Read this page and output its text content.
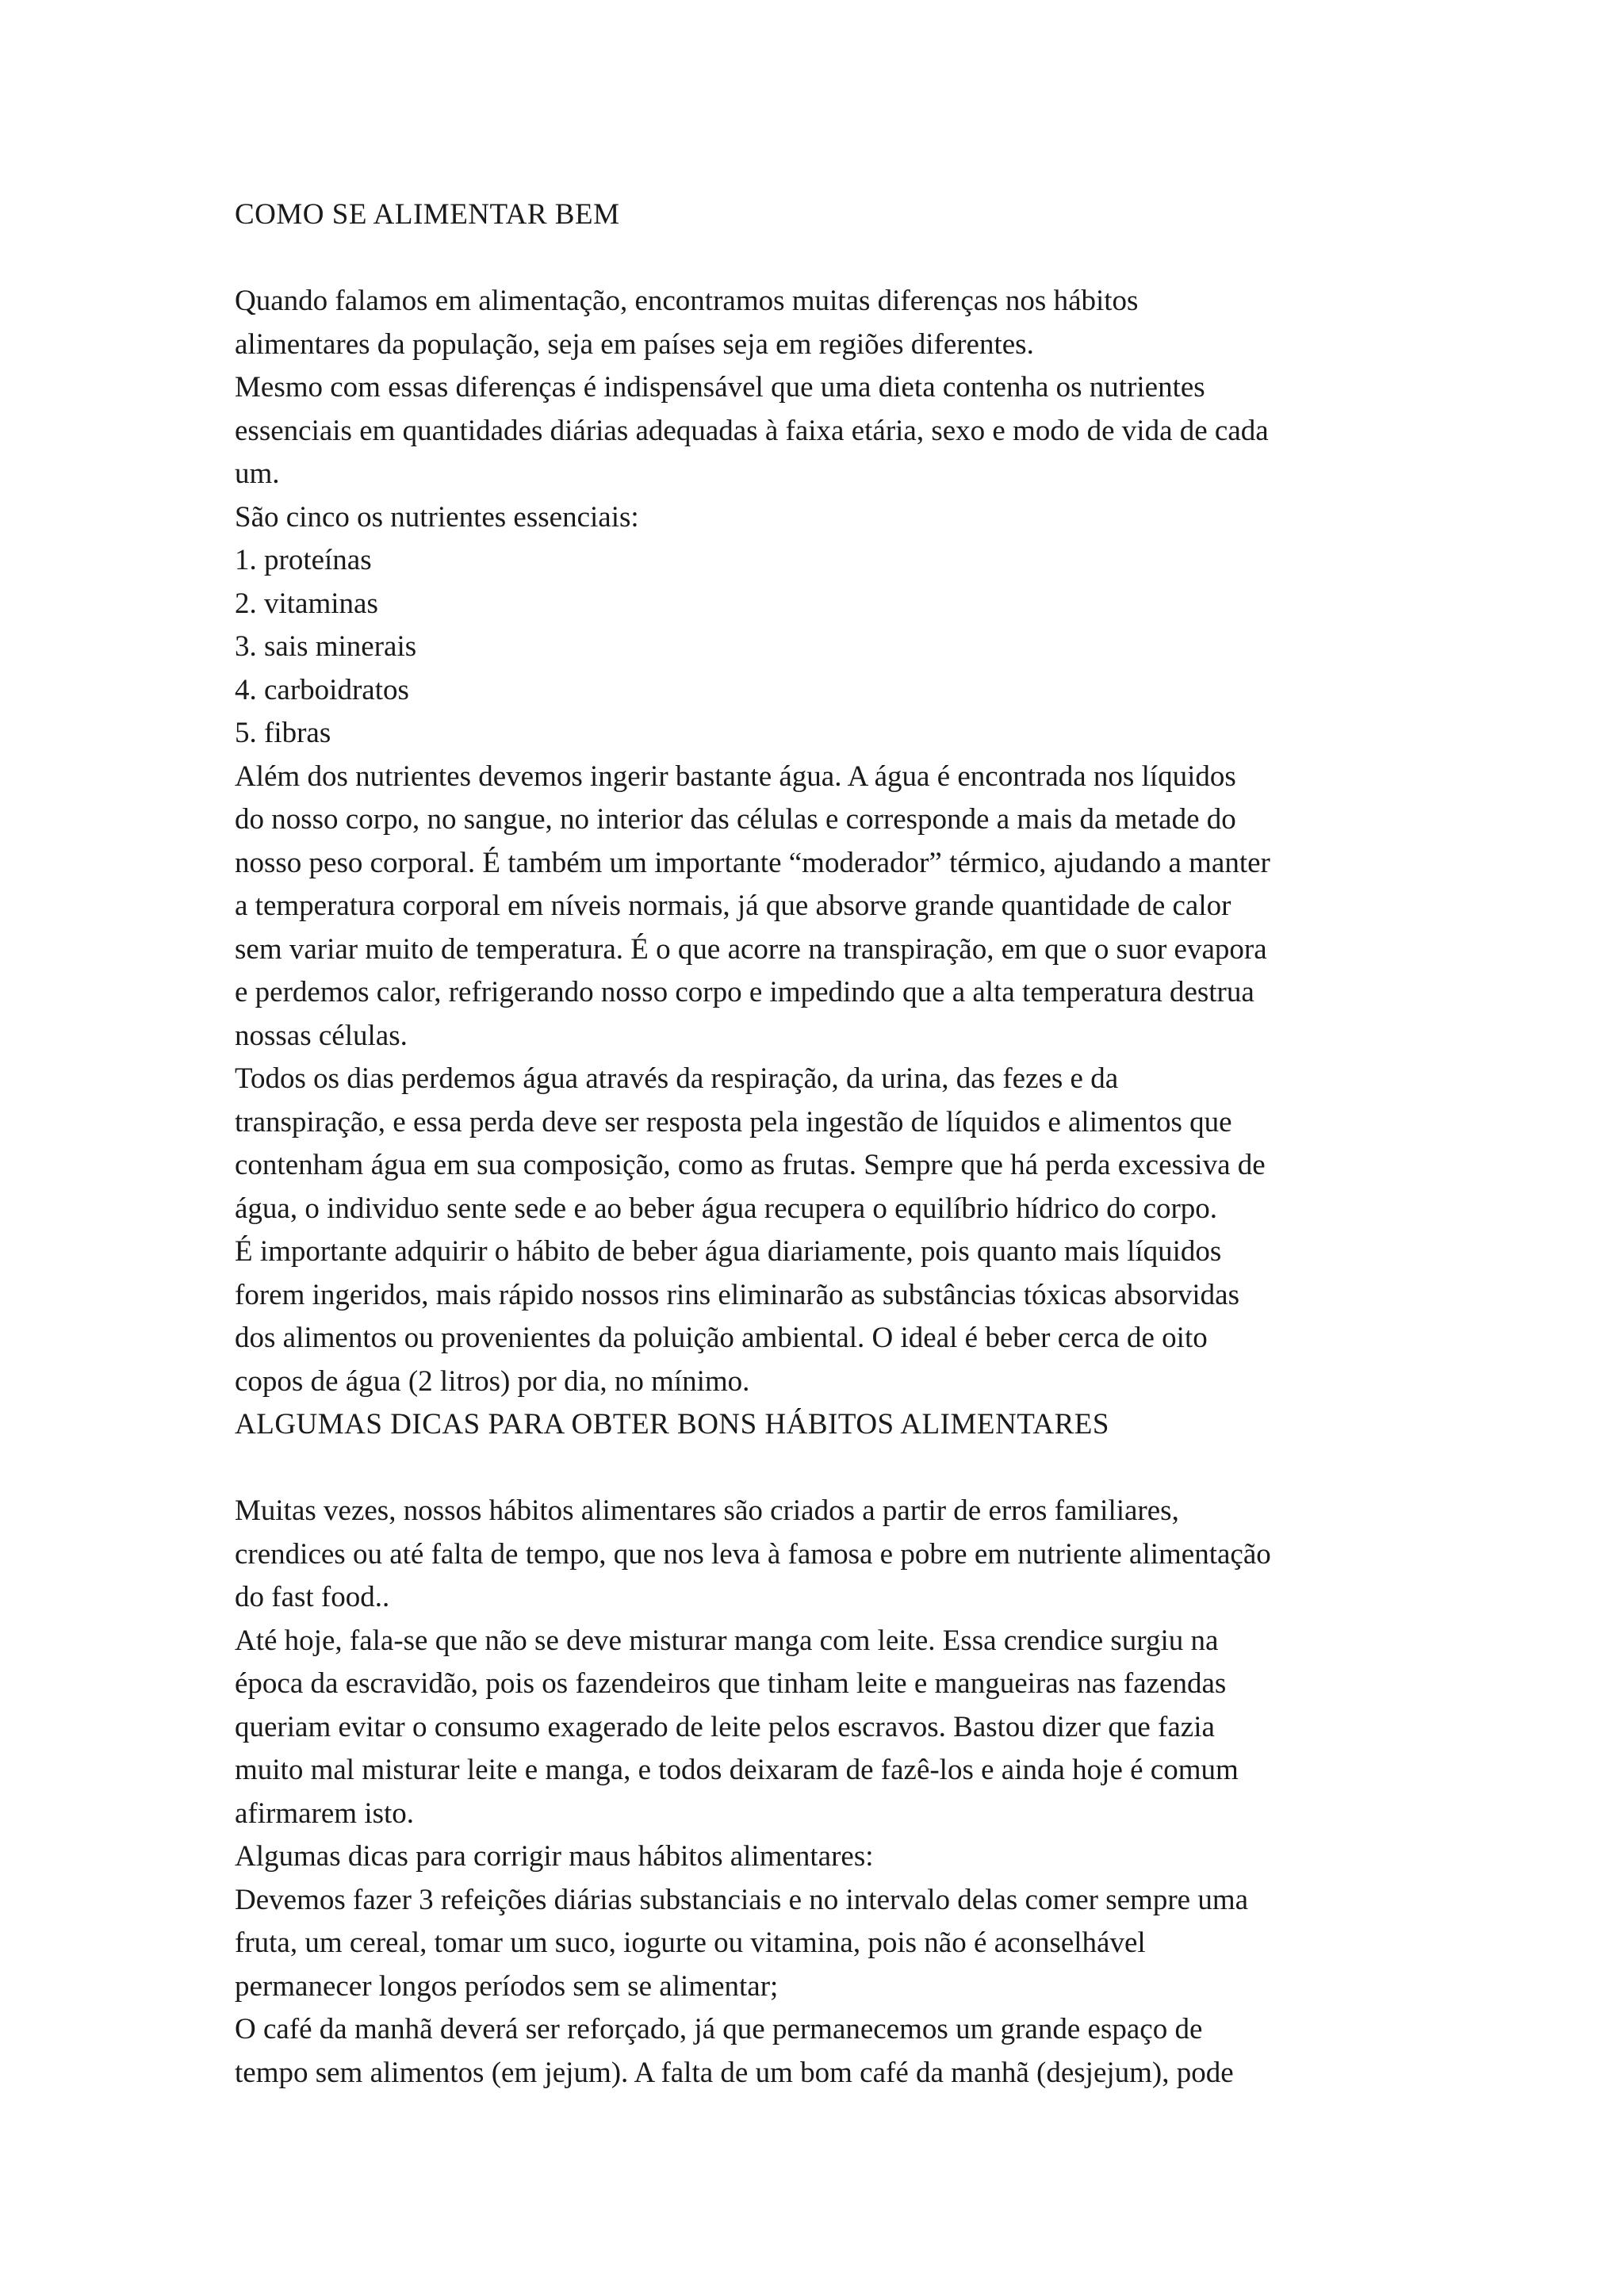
COMO SE ALIMENTAR BEM
Quando falamos em alimentação, encontramos muitas diferenças nos hábitos
alimentares da população, seja em países seja em regiões diferentes.
Mesmo com essas diferenças é indispensável que uma dieta contenha os nutrientes
essenciais em quantidades diárias adequadas à faixa etária, sexo e modo de vida de cada
um.
São cinco os nutrientes essenciais:
1. proteínas
2. vitaminas
3. sais minerais
4. carboidratos
5. fibras
Além dos nutrientes devemos ingerir bastante água. A água é encontrada nos líquidos
do nosso corpo, no sangue, no interior das células e corresponde a mais da metade do
nosso peso corporal. É também um importante “moderador” térmico, ajudando a manter
a temperatura corporal em níveis normais, já que absorve grande quantidade de calor
sem variar muito de temperatura. É o que acorre na transpiração, em que o suor evapora
e perdemos calor, refrigerando nosso corpo e impedindo que a alta temperatura destrua
nossas células.
Todos os dias perdemos água através da respiração, da urina, das fezes e da
transpiração, e essa perda deve ser resposta pela ingestão de líquidos e alimentos que
contenham água em sua composição, como as frutas. Sempre que há perda excessiva de
água, o individuo sente sede e ao beber água recupera o equilíbrio hídrico do corpo.
É importante adquirir o hábito de beber água diariamente, pois quanto mais líquidos
forem ingeridos, mais rápido nossos rins eliminarão as substâncias tóxicas absorvidas
dos alimentos ou provenientes da poluição ambiental. O ideal é beber cerca de oito
copos de água (2 litros) por dia, no mínimo.
ALGUMAS DICAS PARA OBTER BONS HÁBITOS ALIMENTARES
Muitas vezes, nossos hábitos alimentares são criados a partir de erros familiares,
crendices ou até falta de tempo, que nos leva à famosa e pobre em nutriente alimentação
do fast food..
Até hoje, fala-se que não se deve misturar manga com leite. Essa crendice surgiu na
época da escravidão, pois os fazendeiros que tinham leite e mangueiras nas fazendas
queriam evitar o consumo exagerado de leite pelos escravos. Bastou dizer que fazia
muito mal misturar leite e manga, e todos deixaram de fazê-los e ainda hoje é comum
afirmarem isto.
Algumas dicas para corrigir maus hábitos alimentares:
Devemos fazer 3 refeições diárias substanciais e no intervalo delas comer sempre uma
fruta, um cereal, tomar um suco, iogurte ou vitamina, pois não é aconselhável
permanecer longos períodos sem se alimentar;
O café da manhã deverá ser reforçado, já que permanecemos um grande espaço de
tempo sem alimentos (em jejum). A falta de um bom café da manhã (desjejum), pode
